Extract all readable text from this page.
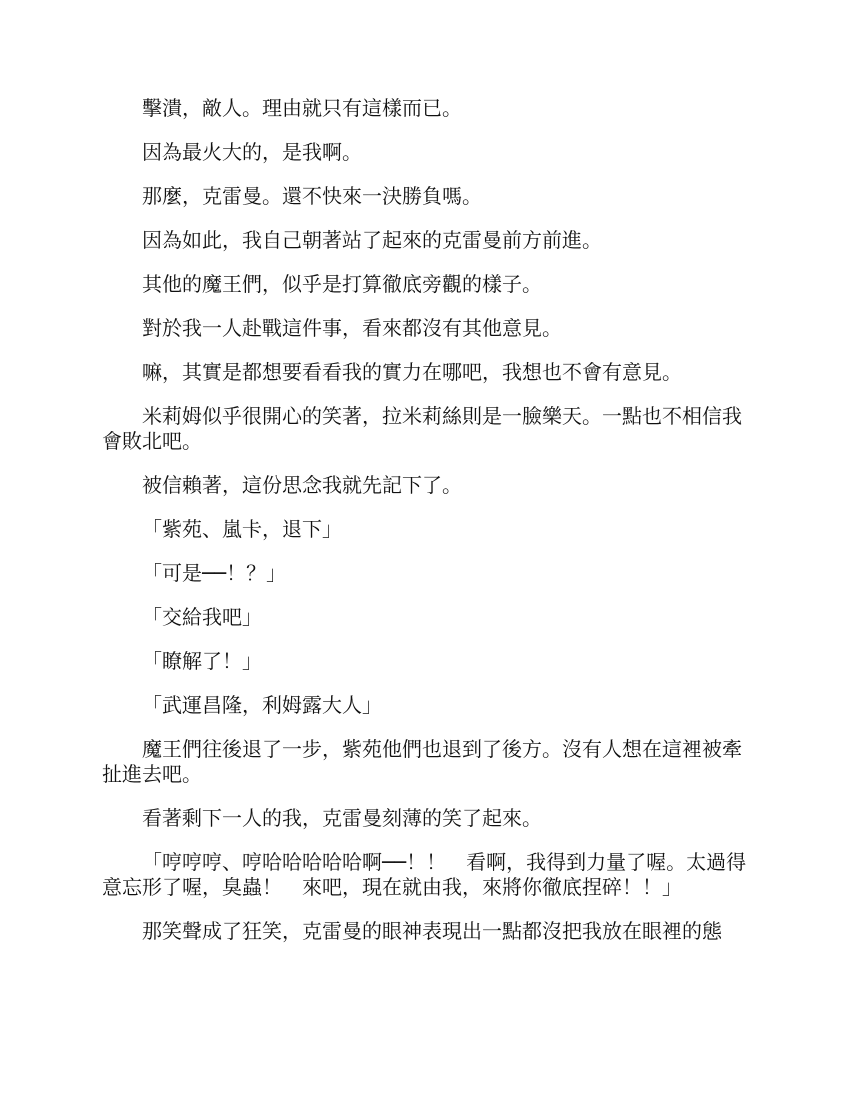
擊潰，敵人。理由就只有這樣而已。

因為最火大的，是我啊。

那麼，克雷曼。還不快來一決勝負嗎。

因為如此，我自己朝著站了起來的克雷曼前方前進。

其他的魔王們，似乎是打算徹底旁觀的樣子。

對於我一人赴戰這件事，看來都沒有其他意見。

嘛，其實是都想要看看我的實力在哪吧，我想也不會有意見。

米莉姆似乎很開心的笑著，拉米莉絲則是一臉樂天。一點也不相信我會敗北吧。

被信賴著，這份思念我就先記下了。

「紫苑、嵐卡，退下」

「可是──！？」

「交給我吧」

「瞭解了！」

「武運昌隆，利姆露大人」

魔王們往後退了一步，紫苑他們也退到了後方。沒有人想在這裡被牽扯進去吧。

看著剩下一人的我，克雷曼刻薄的笑了起來。

「哼哼哼、哼哈哈哈哈哈啊──！！　看啊，我得到力量了喔。太過得意忘形了喔，臭蟲！　來吧，現在就由我，來將你徹底捏碎！！」

那笑聲成了狂笑，克雷曼的眼神表現出一點都沒把我放在眼裡的態
